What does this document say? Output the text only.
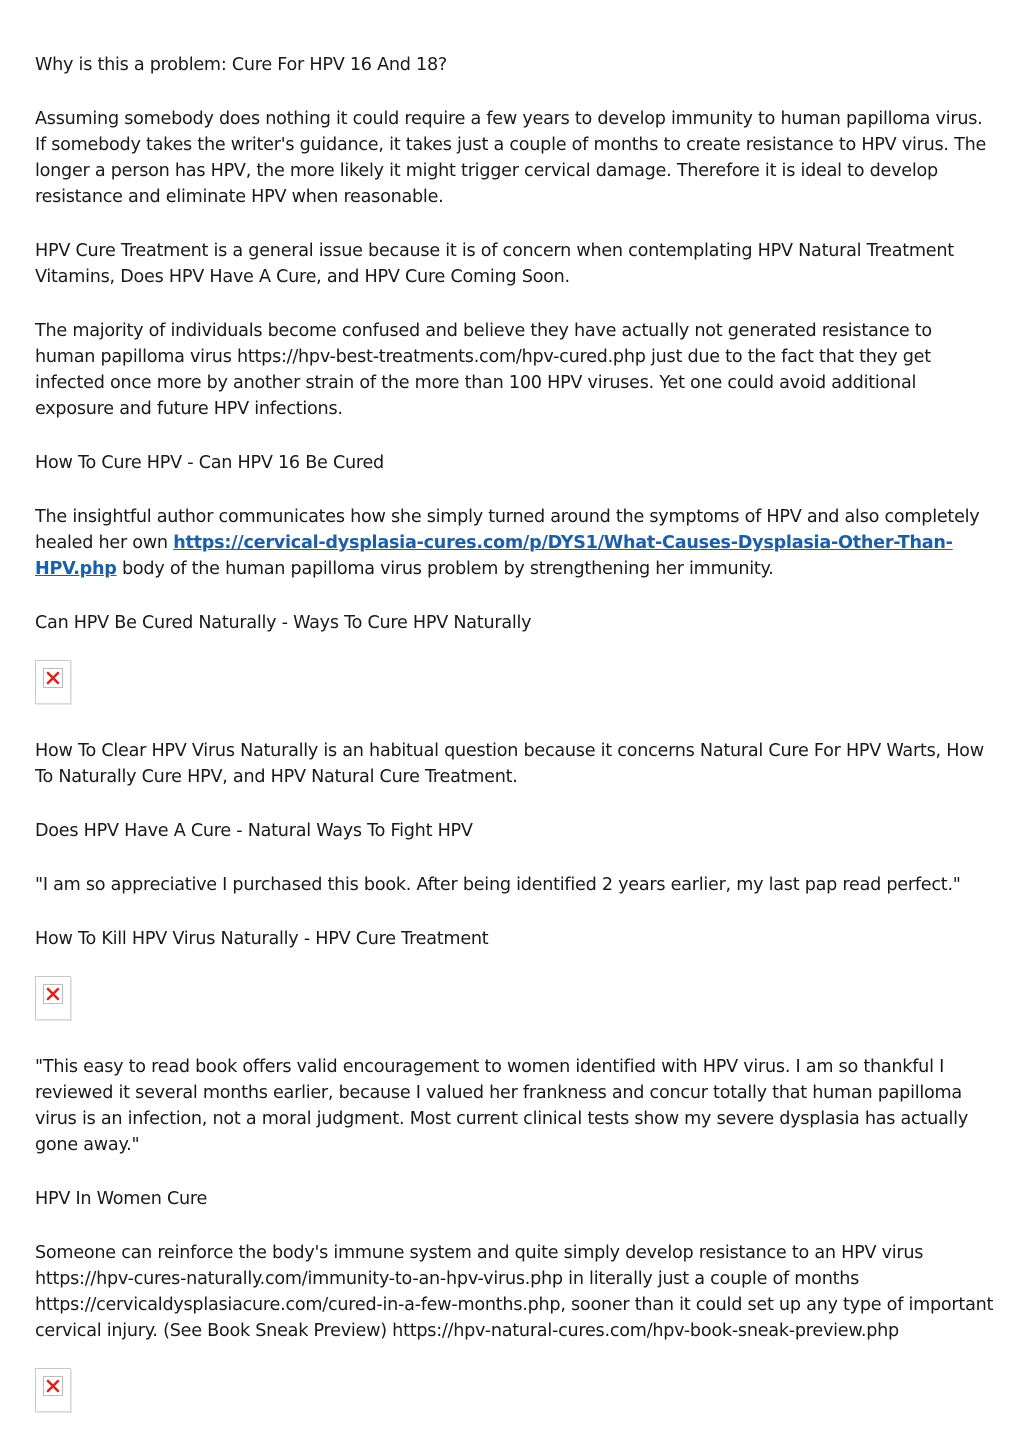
Why is this a problem: Cure For HPV 16 And 18?

Assuming somebody does nothing it could require a few years to develop immunity to human papilloma virus. If somebody takes the writer's guidance, it takes just a couple of months to create resistance to HPV virus. The longer a person has HPV, the more likely it might trigger cervical damage. Therefore it is ideal to develop resistance and eliminate HPV when reasonable.

HPV Cure Treatment is a general issue because it is of concern when contemplating HPV Natural Treatment Vitamins, Does HPV Have A Cure, and HPV Cure Coming Soon.

The majority of individuals become confused and believe they have actually not generated resistance to human papilloma virus https://hpv-best-treatments.com/hpv-cured.php just due to the fact that they get infected once more by another strain of the more than 100 HPV viruses. Yet one could avoid additional exposure and future HPV infections.

How To Cure HPV - Can HPV 16 Be Cured

The insightful author communicates how she simply turned around the symptoms of HPV and also completely healed her own https://cervical-dysplasia-cures.com/p/DYS1/What-Causes-Dysplasia-Other-Than-HPV.php body of the human papilloma virus problem by strengthening her immunity.

Can HPV Be Cured Naturally - Ways To Cure HPV Naturally

How To Clear HPV Virus Naturally is an habitual question because it concerns Natural Cure For HPV Warts, How To Naturally Cure HPV, and HPV Natural Cure Treatment.

Does HPV Have A Cure - Natural Ways To Fight HPV

"I am so appreciative I purchased this book. After being identified 2 years earlier, my last pap read perfect."

How To Kill HPV Virus Naturally - HPV Cure Treatment

"This easy to read book offers valid encouragement to women identified with HPV virus. I am so thankful I reviewed it several months earlier, because I valued her frankness and concur totally that human papilloma virus is an infection, not a moral judgment. Most current clinical tests show my severe dysplasia has actually gone away."

HPV In Women Cure

Someone can reinforce the body's immune system and quite simply develop resistance to an HPV virus https://hpv-cures-naturally.com/immunity-to-an-hpv-virus.php in literally just a couple of months https://cervicaldysplasiacure.com/cured-in-a-few-months.php, sooner than it could set up any type of important cervical injury. (See Book Sneak Preview) https://hpv-natural-cures.com/hpv-book-sneak-preview.php
